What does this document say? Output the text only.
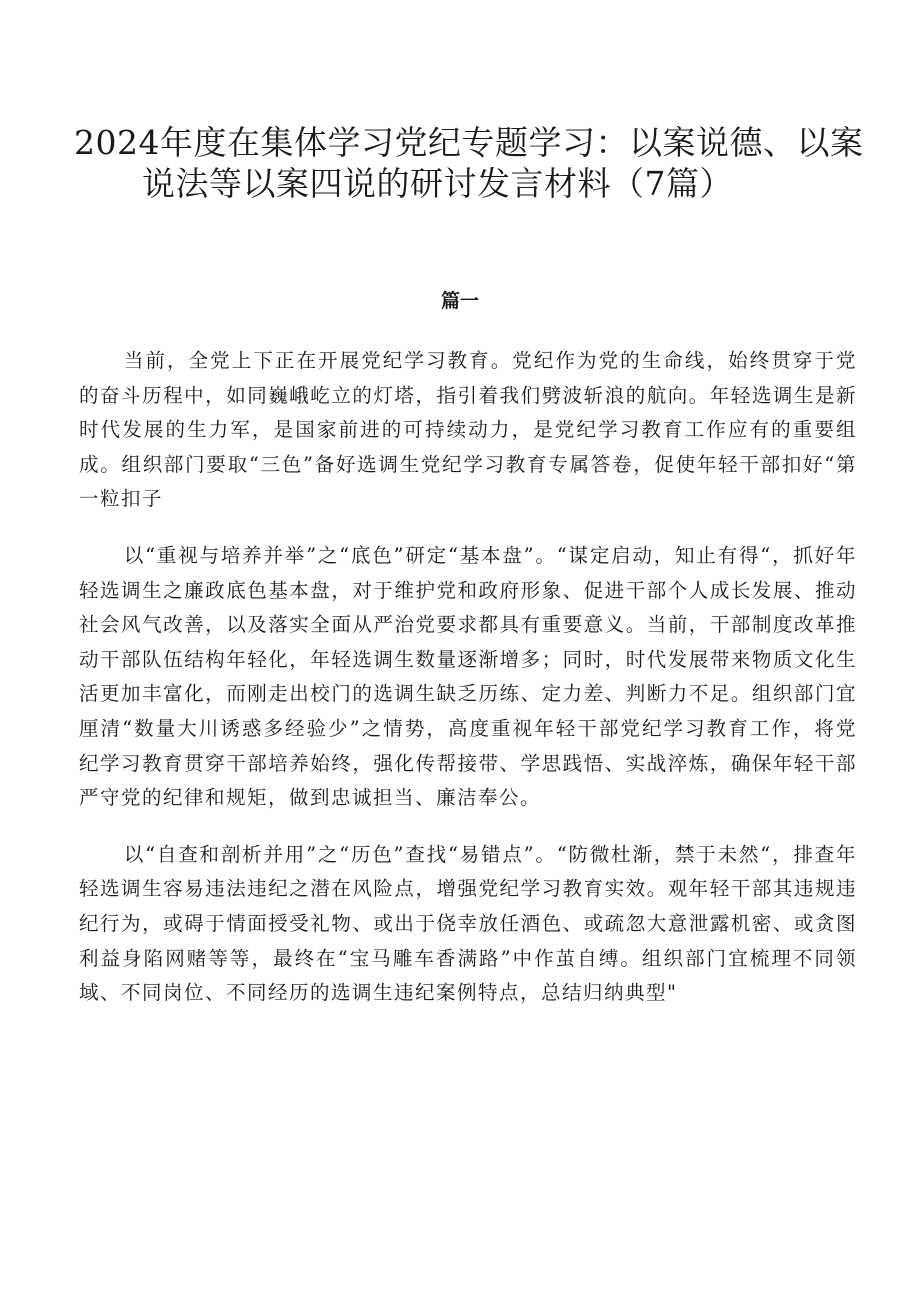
2024年度在集体学习党纪专题学习：以案说德、以案
说法等以案四说的研讨发言材料（7篇）
篇一

当前，全党上下正在开展党纪学习教育。党纪作为党的生命线，始终贯穿于党的奋斗历程中，如同巍峨屹立的灯塔，指引着我们劈波斩浪的航向。年轻选调生是新时代发展的生力军，是国家前进的可持续动力，是党纪学习教育工作应有的重要组成。组织部门要取“三色”备好选调生党纪学习教育专属答卷，促使年轻干部扣好“第一粒扣子

以“重视与培养并举”之“底色”研定“基本盘”。“谋定启动，知止有得“，抓好年轻选调生之廉政底色基本盘，对于维护党和政府形象、促进干部个人成长发展、推动社会风气改善，以及落实全面从严治党要求都具有重要意义。当前，干部制度改革推动干部队伍结构年轻化，年轻选调生数量逐渐增多；同时，时代发展带来物质文化生活更加丰富化，而刚走出校门的选调生缺乏历练、定力差、判断力不足。组织部门宜厘清“数量大川诱惑多经验少”之情势，高度重视年轻干部党纪学习教育工作，将党纪学习教育贯穿干部培养始终，强化传帮接带、学思践悟、实战淬炼，确保年轻干部严守党的纪律和规矩，做到忠诚担当、廉洁奉公。

以“自查和剖析并用”之“历色”查找“易错点”。“防微杜渐，禁于未然“，排查年轻选调生容易违法违纪之潜在风险点，增强党纪学习教育实效。观年轻干部其违规违纪行为，或碍于情面授受礼物、或出于侥幸放任酒色、或疏忽大意泄露机密、或贪图利益身陷网赌等等，最终在“宝马雕车香满路”中作茧自缚。组织部门宜梳理不同领域、不同岗位、不同经历的选调生违纪案例特点，总结归纳典型"
